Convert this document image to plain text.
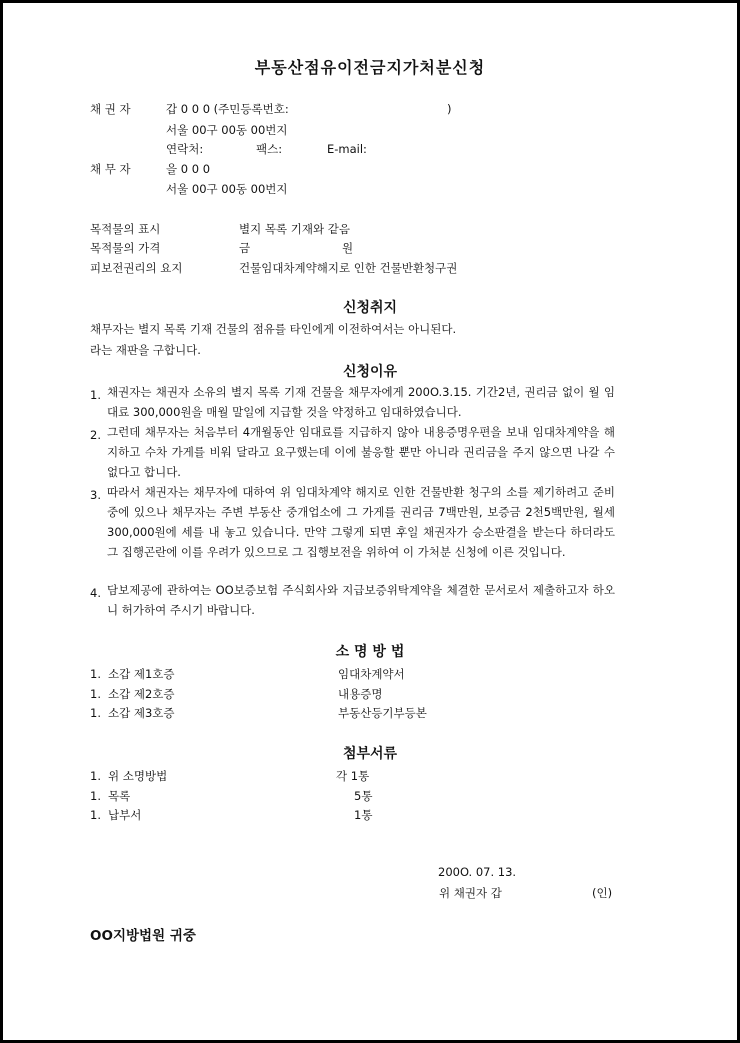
부동산점유이전금지가처분신청
채 권 자	갑 0 0 0 (주민등록번호:	)
서울 00구 00동 00번지
연락처:	팩스:	E-mail:
채 무 자	을 0 0 0
서울 00구 00동 00번지
목적물의 표시	별지 목록 기재와 같음
목적물의 가격	금	원
피보전권리의 요지	건물임대차계약해지로 인한 건물반환청구권
신청취지
채무자는 별지 목록 기재 건물의 점유를 타인에게 이전하여서는 아니된다.
라는 재판을 구합니다.
신청이유
1. 채권자는 채권자 소유의 별지 목록 기재 건물을 채무자에게 200O.3.15. 기간2년, 권리금 없이 월 임대료 300,000원을 매월 말일에 지급할 것을 약정하고 임대하였습니다.
2. 그런데 채무자는 처음부터 4개월동안 임대료를 지급하지 않아 내용증명우편을 보내 임대차계약을 해지하고 수차 가게를 비워 달라고 요구했는데 이에 불응할 뿐만 아니라 권리금을 주지 않으면 나갈 수 없다고 합니다.
3. 따라서 채권자는 채무자에 대하여 위 임대차계약 해지로 인한 건물반환 청구의 소를 제기하려고 준비중에 있으나 채무자는 주변 부동산 중개업소에 그 가게를 권리금 7백만원, 보증금 2천5백만원, 월세300,000원에 세를 내 놓고 있습니다. 만약 그렇게 되면 후일 채권자가 승소판결을 받는다 하더라도 그 집행곤란에 이를 우려가 있으므로 그 집행보전을 위하여 이 가처분 신청에 이른 것입니다.
4. 담보제공에 관하여는 OO보증보험 주식회사와 지급보증위탁계약을 체결한 문서로서 제출하고자 하오니 허가하여 주시기 바랍니다.
소 명 방 법
1. 소갑 제1호증	임대차계약서
1. 소갑 제2호증	내용증명
1. 소갑 제3호증	부동산등기부등본
첨부서류
1. 위 소명방법	각 1통
1. 목록	5통
1. 납부서	1통
200O. 07. 13.
위 채권자 갑	(인)
OO지방법원 귀중
